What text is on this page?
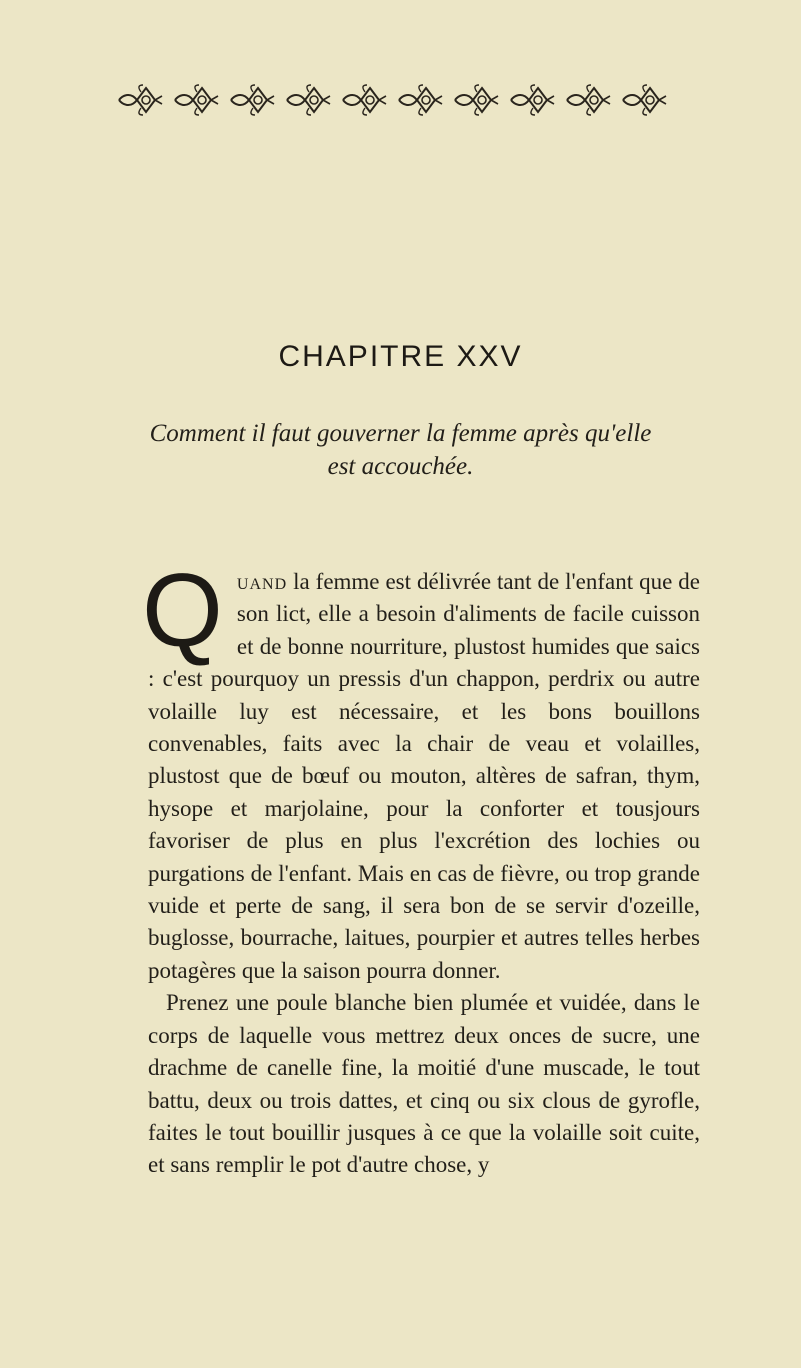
CHAPITRE XXV
Comment il faut gouverner la femme après qu'elle
est accouchée.

Quand la femme est délivrée tant de l'enfant que de son lict, elle a besoin d'aliments de facile cuisson et de bonne nourriture, plustost humides que saics : c'est pourquoy un pressis d'un chappon, perdrix ou autre volaille luy est nécessaire, et les bons bouillons convenables, faits avec la chair de veau et volailles, plustost que de bœuf ou mouton, altères de safran, thym, hysope et marjolaine, pour la conforter et tousjours favoriser de plus en plus l'excrétion des lochies ou purgations de l'enfant. Mais en cas de fièvre, ou trop grande vuide et perte de sang, il sera bon de se servir d'ozeille, buglosse, bourrache, laitues, pourpier et autres telles herbes potagères que la saison pourra donner.

Prenez une poule blanche bien plumée et vuidée, dans le corps de laquelle vous mettrez deux onces de sucre, une drachme de canelle fine, la moitié d'une muscade, le tout battu, deux ou trois dattes, et cinq ou six clous de gyrofle, faites le tout bouillir jusques à ce que la volaille soit cuite, et sans remplir le pot d'autre chose, y
